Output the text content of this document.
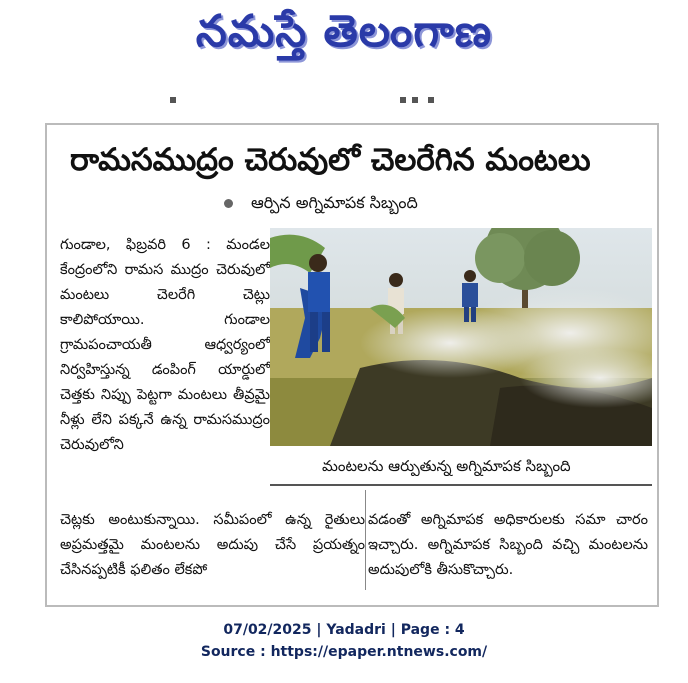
నమస్తే తెలంగాణ
రామసముద్రం చెరువులో చెలరేగిన మంటలు
ఆర్పిన అగ్నిమాపక సిబ్బంది
గుండాల, ఫిబ్రవరి 6 : మండల కేంద్రంలోని రామస ముద్రం చెరువులో మంటలు చెలరేగి చెట్లు కాలిపోయాయి. గుండాల గ్రామపంచాయతీ ఆధ్వర్యంలో నిర్వహిస్తున్న డంపింగ్ యార్డులో చెత్తకు నిప్పు పెట్టగా మంటలు తీవ్రమై నీళ్లు లేని పక్కనే ఉన్న రామసముద్రం చెరువులోని
మంటలను ఆర్పుతున్న అగ్నిమాపక సిబ్బంది
చెట్లకు అంటుకున్నాయి. సమీపంలో ఉన్న రైతులు అప్రమత్తమై మంటలను అదుపు చేసే ప్రయత్నం చేసినప్పటికీ ఫలితం లేకపో
వడంతో అగ్నిమాపక అధికారులకు సమా చారం ఇచ్చారు. అగ్నిమాపక సిబ్బంది వచ్చి మంటలను అదుపులోకి తీసుకొచ్చారు.
07/02/2025 | Yadadri | Page : 4
Source : https://epaper.ntnews.com/
